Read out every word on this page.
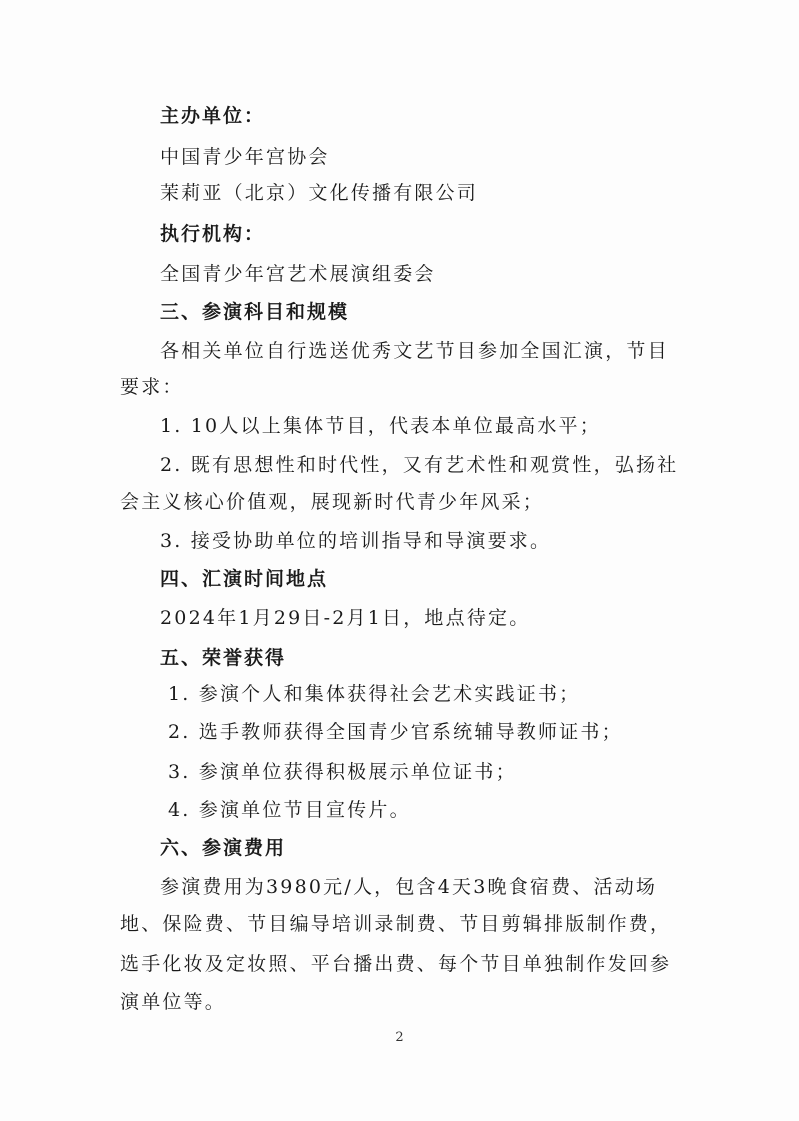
主办单位：
中国青少年宫协会
茉莉亚（北京）文化传播有限公司
执行机构：
全国青少年宫艺术展演组委会
三、参演科目和规模
各相关单位自行选送优秀文艺节目参加全国汇演，节目
要求：
1. 10人以上集体节目，代表本单位最高水平；
2. 既有思想性和时代性，又有艺术性和观赏性，弘扬社
会主义核心价值观，展现新时代青少年风采；
3. 接受协助单位的培训指导和导演要求。
四、汇演时间地点
2024年1月29日-2月1日，地点待定。
五、荣誉获得
1. 参演个人和集体获得社会艺术实践证书；
2. 选手教师获得全国青少官系统辅导教师证书；
3. 参演单位获得积极展示单位证书；
4. 参演单位节目宣传片。
六、参演费用
参演费用为3980元/人，包含4天3晚食宿费、活动场
地、保险费、节目编导培训录制费、节目剪辑排版制作费，
选手化妆及定妆照、平台播出费、每个节目单独制作发回参
演单位等。
2
